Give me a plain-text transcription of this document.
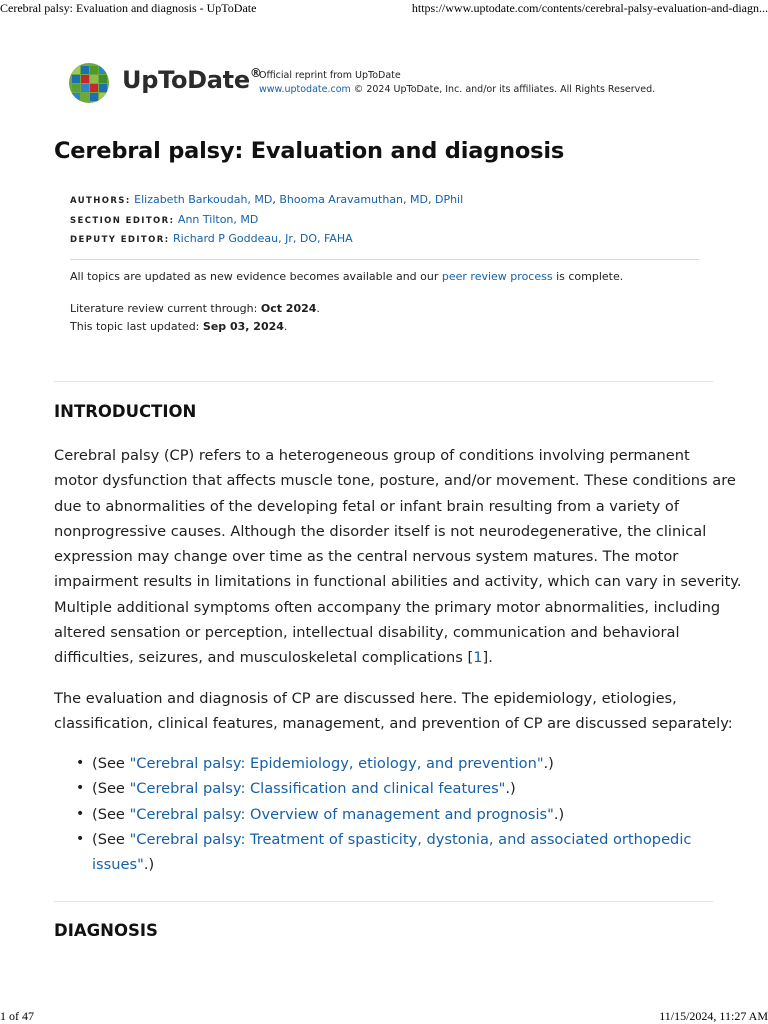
Cerebral palsy: Evaluation and diagnosis - UpToDate	https://www.uptodate.com/contents/cerebral-palsy-evaluation-and-diagn...
UpToDate®
Official reprint from UpToDate
www.uptodate.com © 2024 UpToDate, Inc. and/or its affiliates. All Rights Reserved.
Cerebral palsy: Evaluation and diagnosis
AUTHORS: Elizabeth Barkoudah, MD, Bhooma Aravamuthan, MD, DPhil
SECTION EDITOR: Ann Tilton, MD
DEPUTY EDITOR: Richard P Goddeau, Jr, DO, FAHA
All topics are updated as new evidence becomes available and our peer review process is complete.
Literature review current through: Oct 2024.
This topic last updated: Sep 03, 2024.
INTRODUCTION
Cerebral palsy (CP) refers to a heterogeneous group of conditions involving permanent
motor dysfunction that affects muscle tone, posture, and/or movement. These conditions are
due to abnormalities of the developing fetal or infant brain resulting from a variety of
nonprogressive causes. Although the disorder itself is not neurodegenerative, the clinical
expression may change over time as the central nervous system matures. The motor
impairment results in limitations in functional abilities and activity, which can vary in severity.
Multiple additional symptoms often accompany the primary motor abnormalities, including
altered sensation or perception, intellectual disability, communication and behavioral
difficulties, seizures, and musculoskeletal complications [1].
The evaluation and diagnosis of CP are discussed here. The epidemiology, etiologies,
classification, clinical features, management, and prevention of CP are discussed separately:
• (See "Cerebral palsy: Epidemiology, etiology, and prevention".)
• (See "Cerebral palsy: Classification and clinical features".)
• (See "Cerebral palsy: Overview of management and prognosis".)
• (See "Cerebral palsy: Treatment of spasticity, dystonia, and associated orthopedic issues".)
DIAGNOSIS
1 of 47	11/15/2024, 11:27 AM
